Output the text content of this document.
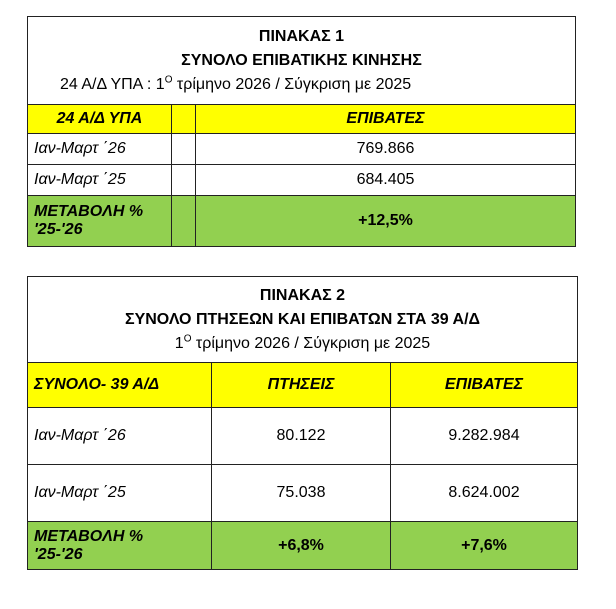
ΠΙΝΑΚΑΣ 1
ΣΥΝΟΛΟ ΕΠΙΒΑΤΙΚΗΣ ΚΙΝΗΣΗΣ
24 Α/Δ ΥΠΑ : $1^O$ τρίμηνο 2026 / Σύγκριση με 2025		

24 Α/Δ ΥΠΑ		ΕΠΙΒΑΤΕΣ
Ιαν-Μαρτ ΄26		769.866
Ιαν-Μαρτ ΄25		684.405

ΜΕΤΑΒΟΛΗ %
'25-'26		+12,5%
ΠΙΝΑΚΑΣ 2
ΣΥΝΟΛΟ ΠΤΗΣΕΩΝ ΚΑΙ ΕΠΙΒΑΤΩΝ ΣΤΑ 39 Α/Δ
$1^O$ τρίμηνο 2026 / Σύγκριση με 2025		

ΣΥΝΟΛΟ- 39 Α/Δ	ΠΤΗΣΕΙΣ	ΕΠΙΒΑΤΕΣ
Ιαν-Μαρτ ΄26	80.122	9.282.984
Ιαν-Μαρτ ΄25	75.038	8.624.002

ΜΕΤΑΒΟΛΗ %
'25-'26	+6,8%	+7,6%
